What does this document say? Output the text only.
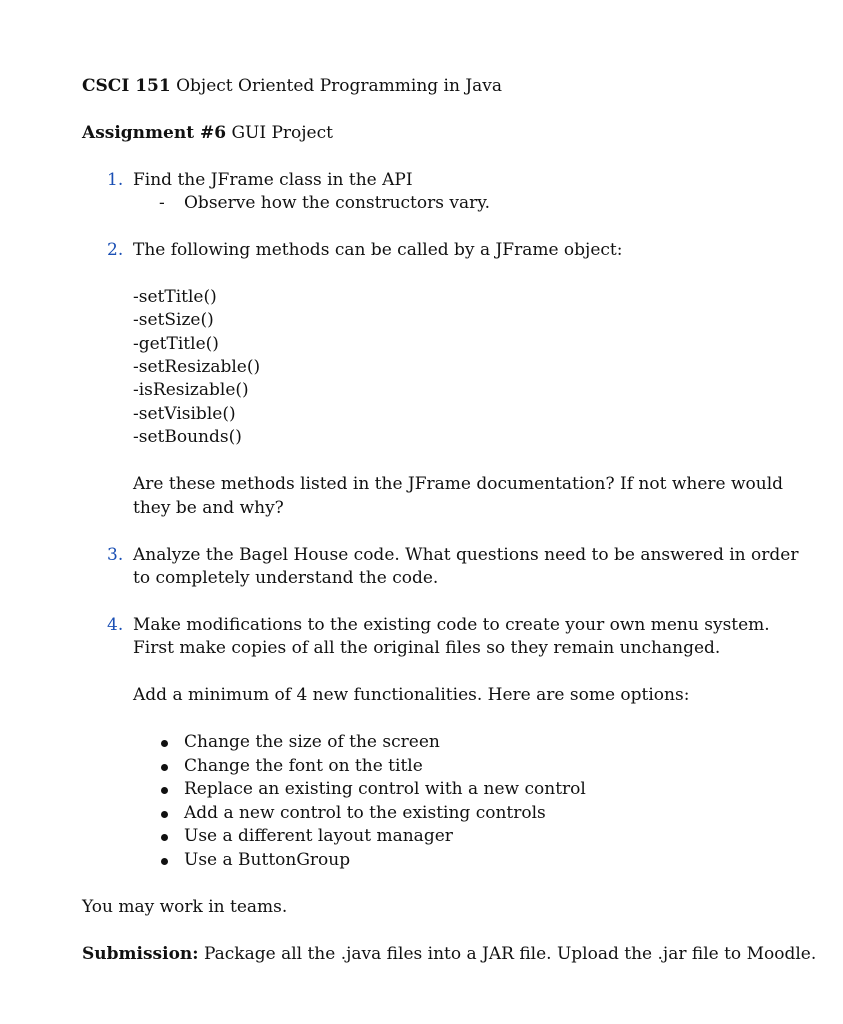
CSCI 151 Object Oriented Programming in Java
Assignment #6 GUI Project
1. Find the JFrame class in the API
- Observe how the constructors vary.
2. The following methods can be called by a JFrame object:
-setTitle()
-setSize()
-getTitle()
-setResizable()
-isResizable()
-setVisible()
-setBounds()
Are these methods listed in the JFrame documentation? If not where would
they be and why?
3. Analyze the Bagel House code. What questions need to be answered in order
to completely understand the code.
4. Make modifications to the existing code to create your own menu system.
First make copies of all the original files so they remain unchanged.
Add a minimum of 4 new functionalities. Here are some options:
Change the size of the screen
Change the font on the title
Replace an existing control with a new control
Add a new control to the existing controls
Use a different layout manager
Use a ButtonGroup
You may work in teams.
Submission: Package all the .java files into a JAR file. Upload the .jar file to Moodle.
